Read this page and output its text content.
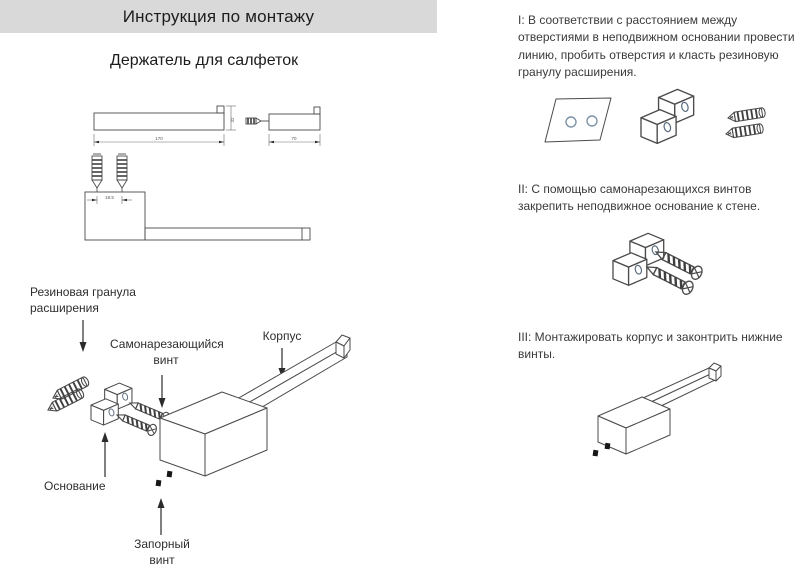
Инструкция по монтажу
Держатель для салфеток
32
170	70
18.5
Резиновая гранула расширения
Самонарезающийся винт
Корпус
Основание
Запорный винт
I: В соответствии с расстоянием между отверстиями в неподвижном основании провести линию, пробить отверстия и класть резиновую гранулу расширения.
II: С помощью самонарезающихся винтов закрепить неподвижное основание к стене.
III: Монтажировать корпус и законтрить нижние винты.
